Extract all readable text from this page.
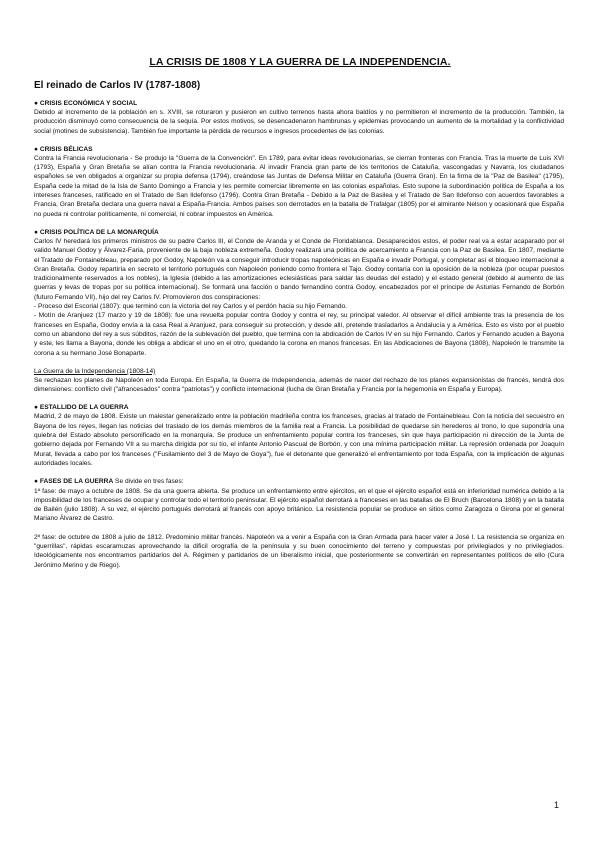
LA CRISIS DE 1808 Y LA GUERRA DE LA INDEPENDENCIA.
El reinado de Carlos IV (1787-1808)

● CRISIS ECONÓMICA Y SOCIAL

Debido al incremento de la población en s. XVIII, se roturaron y pusieron en cultivo terrenos hasta ahora baldíos y no permitieron el incremento de la producción. También, la producción disminuyó como consecuencia de la sequía. Por estos motivos, se desencadenaron hambrunas y epidemias provocando un aumento de la mortalidad y la conflictividad social (motines de subsistencia). También fue importante la pérdida de recursos e ingresos procedentes de las colonias.

● CRISIS BÉLICAS

Contra la Francia revolucionaria - Se produjo la "Guerra de la Convención". En 1789, para evitar ideas revolucionarias, se cierran fronteras con Francia. Tras la muerte de Luis XVI (1793), España y Gran Bretaña se alían contra la Francia revolucionaria. Al invadir Francia gran parte de los territorios de Cataluña, vascongadas y Navarra, los ciudadanos españoles se ven obligados a organizar su propia defensa (1794), creándose las Juntas de Defensa Militar en Cataluña (Guerra Gran). En la firma de la "Paz de Basilea" (1795), España cede la mitad de la Isla de Santo Domingo a Francia y les permite comerciar libremente en las colonias españolas. Esto supone la subordinación política de España a los intereses franceses, ratificado en el Tratado de San Ildefonso (1796). Contra Gran Bretaña - Debido a la Paz de Basilea y el Tratado de San Ildefonso con acuerdos favorables a Francia, Gran Bretaña declara una guerra naval a España-Francia. Ambos países son derrotados en la batalla de Trafalgar (1805) por el almirante Nelson y ocasionará que España no pueda ni controlar políticamente, ni comercial, ni cobrar impuestos en América.

● CRISIS POLÍTICA DE LA MONARQUÍA

Carlos IV heredará los primeros ministros de su padre Carlos III, el Conde de Aranda y el Conde de Floridablanca. Desaparecidos estos, el poder real va a estar acaparado por el valido Manuel Godoy y Álvarez-Faria, proveniente de la baja nobleza extremeña. Godoy realizará una política de acercamiento a Francia con la Paz de Basilea. En 1807, mediante el Tratado de Fontainebleau, preparado por Godoy, Napoleón va a conseguir introducir tropas napoleónicas en España e invadir Portugal, y completar así el bloqueo internacional a Gran Bretaña. Godoy repartiría en secreto el territorio portugués con Napoleón poniendo como frontera el Tajo. Godoy contaría con la oposición de la nobleza (por ocupar puestos tradicionalmente reservados a los nobles), la Iglesia (debido a las amortizaciones eclesiásticas para saldar las deudas del estado) y el estado general (debido al aumento de las guerras y levas de tropas por su política internacional). Se formará una facción o bando fernandino contra Godoy, encabezados por el príncipe de Asturias Fernando de Borbón (futuro Fernando VII), hijo del rey Carlos IV. Promovieron dos conspiraciones:

- Proceso del Escorial (1807): que terminó con la victoria del rey Carlos y el perdón hacia su hijo Fernando.

- Motín de Aranjuez (17 marzo y 19 de 1808): fue una revuelta popular contra Godoy y contra el rey, su principal valedor. Al observar el difícil ambiente tras la presencia de los franceses en España, Godoy envía a la casa Real a Aranjuez, para conseguir su protección, y desde allí, pretende trasladarlos a Andalucía y a América. Esto es visto por el pueblo como un abandono del rey a sus súbditos, razón de la sublevación del pueblo, que termina con la abdicación de Carlos IV en su hijo Fernando. Carlos y Fernando acuden a Bayona y este, les llama a Bayona, donde les obliga a abdicar el uno en el otro, quedando la corona en manos francesas. En las Abdicaciones de Bayona (1808), Napoleón le transmite la corona a su hermano José Bonaparte.

La Guerra de la Independencia (1808-14)

Se rechazan los planes de Napoleón en toda Europa. En España, la Guerra de Independencia, además de nacer del rechazo de los planes expansionistas de francés, tendrá dos dimensiones: conflicto civil ("afrancesados" contra "patriotas") y conflicto internacional (lucha de Gran Bretaña y Francia por la hegemonía en España y Europa).

● ESTALLIDO DE LA GUERRA

Madrid, 2 de mayo de 1808. Existe un malestar generalizado entre la población madrileña contra los franceses, gracias al tratado de Fontainebleau. Con la noticia del secuestro en Bayona de los reyes, llegan las noticias del traslado de los demás miembros de la familia real a Francia. La posibilidad de quedarse sin herederos al trono, lo que supondría una quiebra del Estado absoluto personificado en la monarquía. Se produce un enfrentamiento popular contra los franceses, sin que haya participación ni dirección de la Junta de gobierno dejada por Fernando VII a su marcha dirigida por su tío, el infante Antonio Pascual de Borbón, y con una mínima participación militar. La represión ordenada por Joaquín Murat, llevada a cabo por los franceses ("Fusilamiento del 3 de Mayo de Goya"), fue el detonante que generalizó el enfrentamiento por toda España, con la implicación de algunas autoridades locales.

● FASES DE LA GUERRA Se divide en tres fases:

1ª fase: de mayo a octubre de 1808. Se da una guerra abierta. Se produce un enfrentamiento entre ejércitos, en el que el ejército español está en inferioridad numérica debido a la imposibilidad de los franceses de ocupar y controlar todo el territorio peninsular. El ejército español derrotará a franceses en las batallas de El Bruch (Barcelona 1808) y en la batalla de Bailén (julio 1808). A su vez, el ejército portugués derrotará al francés con apoyo británico. La resistencia popular se produce en sitios como Zaragoza o Girona por el general Mariano Álvarez de Castro.

2ª fase: de octubre de 1808 a julio de 1812. Predominio militar francés. Napoleón va a venir a España con la Gran Armada para hacer valer a José I. La resistencia se organiza en "guerrillas", rápidas escaramuzas aprovechando la dificil orografía de la península y su buen conocimiento del terreno y compuestas por privilegiados y no privilegiados. Ideológicamente nos encontramos partidarios del A. Régimen y partidarios de un liberalismo inicial, que posteriormente se convertirán en representantes políticos de ello (Cura Jerónimo Merino y de Riego).

1
